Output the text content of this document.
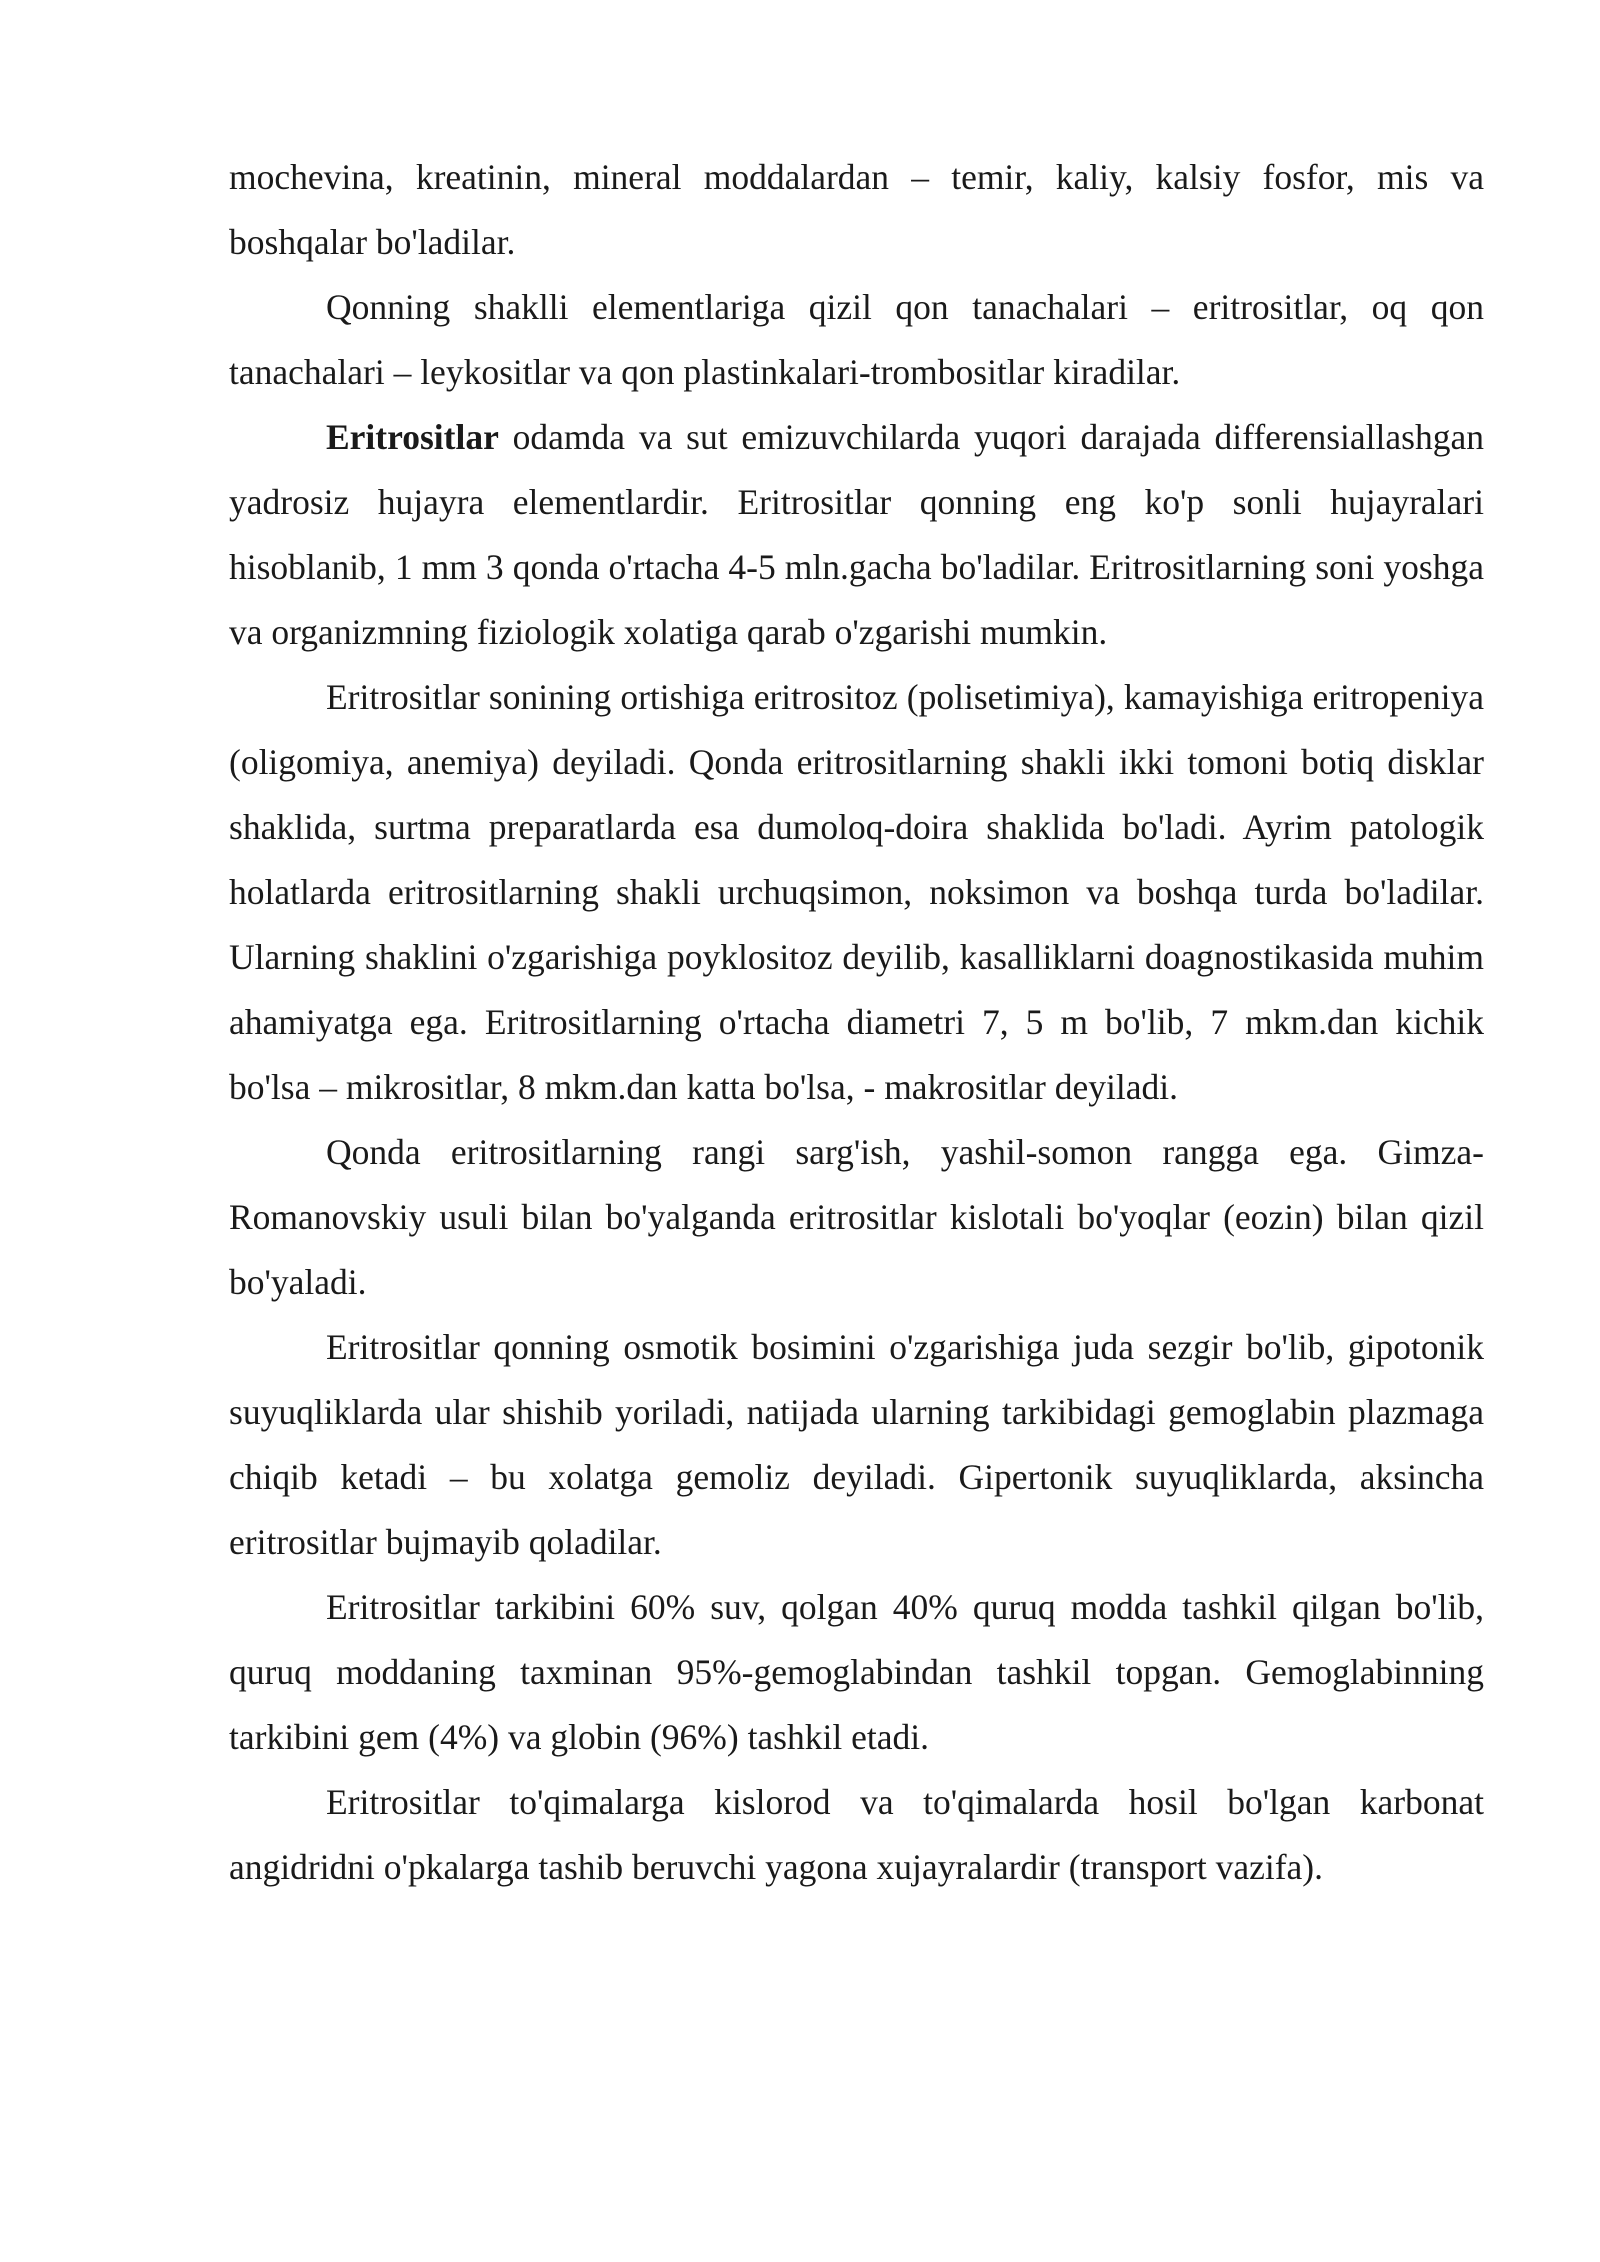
mochevina, kreatinin, mineral moddalardan – temir, kaliy, kalsiy fosfor, mis va boshqalar bo'ladilar.

Qonning shaklli elementlariga qizil qon tanachalari – eritrositlar, oq qon tanachalari – leykositlar va qon plastinkalari-trombositlar kiradilar.

Eritrositlar odamda va sut emizuvchilarda yuqori darajada differensiallashgan yadrosiz hujayra elementlardir. Eritrositlar qonning eng ko'p sonli hujayralari hisoblanib, 1 mm 3 qonda o'rtacha 4-5 mln.gacha bo'ladilar. Eritrositlarning soni yoshga va organizmning fiziologik xolatiga qarab o'zgarishi mumkin.

Eritrositlar sonining ortishiga eritrositoz (polisetimiya), kamayishiga eritropeniya (oligomiya, anemiya) deyiladi. Qonda eritrositlarning shakli ikki tomoni botiq disklar shaklida, surtma preparatlarda esa dumoloq-doira shaklida bo'ladi. Ayrim patologik holatlarda eritrositlarning shakli urchuqsimon, noksimon va boshqa turda bo'ladilar. Ularning shaklini o'zgarishiga poyklositoz deyilib, kasalliklarni doagnostikasida muhim ahamiyatga ega. Eritrositlarning o'rtacha diametri 7, 5 m bo'lib, 7 mkm.dan kichik bo'lsa – mikrositlar, 8 mkm.dan katta bo'lsa, - makrositlar deyiladi.

Qonda eritrositlarning rangi sarg'ish, yashil-somon rangga ega. Gimza-Romanovskiy usuli bilan bo'yalganda eritrositlar kislotali bo'yoqlar (eozin) bilan qizil bo'yaladi.

Eritrositlar qonning osmotik bosimini o'zgarishiga juda sezgir bo'lib, gipotonik suyuqliklarda ular shishib yoriladi, natijada ularning tarkibidagi gemoglabin plazmaga chiqib ketadi – bu xolatga gemoliz deyiladi. Gipertonik suyuqliklarda, aksincha eritrositlar bujmayib qoladilar.

Eritrositlar tarkibini 60% suv, qolgan 40% quruq modda tashkil qilgan bo'lib, quruq moddaning taxminan 95%-gemoglabindan tashkil topgan. Gemoglabinning tarkibini gem (4%) va globin (96%) tashkil etadi.

Eritrositlar to'qimalarga kislorod va to'qimalarda hosil bo'lgan karbonat angidridni o'pkalarga tashib beruvchi yagona xujayralardir (transport vazifa).
